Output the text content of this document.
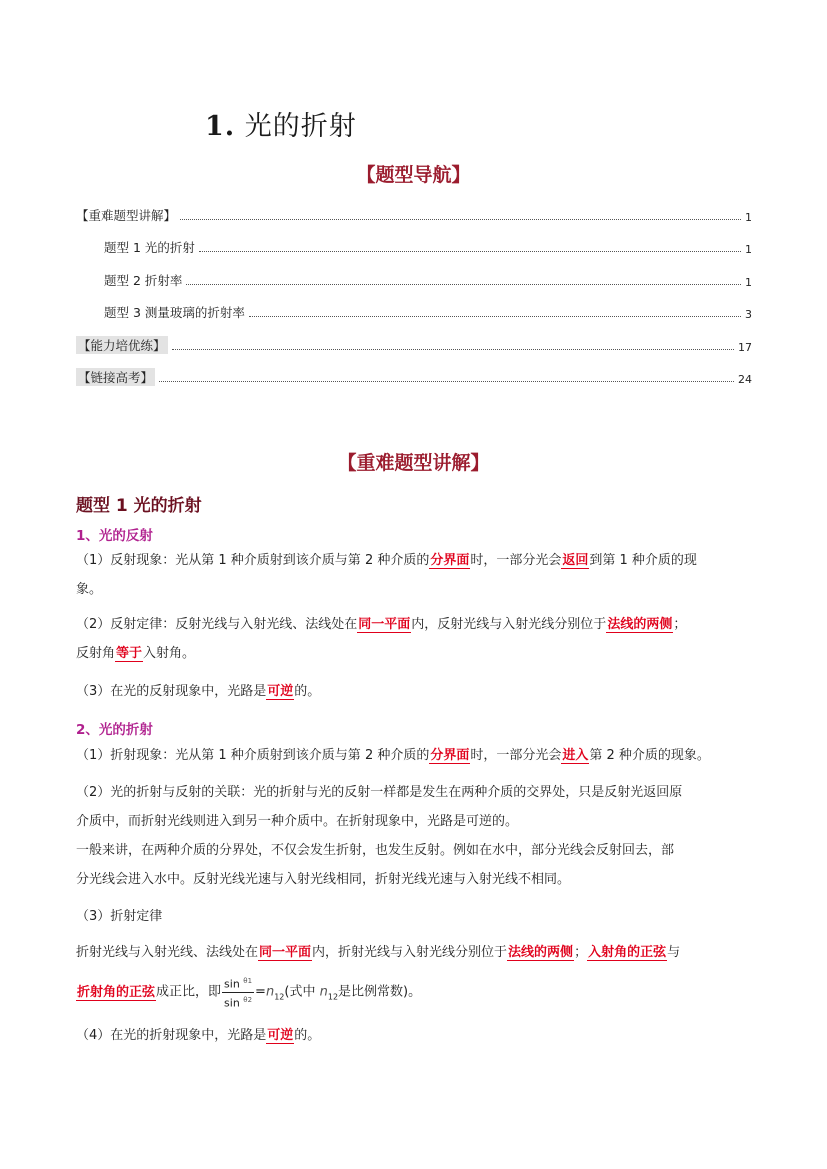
1. 光的折射
【题型导航】
【重难题型讲解】	1
题型 1 光的折射	1
题型 2 折射率	1
题型 3 测量玻璃的折射率	3
【能力培优练】	17
【链接高考】	24
【重难题型讲解】
题型 1 光的折射
1、光的反射
（1）反射现象：光从第 1 种介质射到该介质与第 2 种介质的分界面时，一部分光会返回到第 1 种介质的现
象。
（2）反射定律：反射光线与入射光线、法线处在同一平面内，反射光线与入射光线分别位于法线的两侧；
反射角等于入射角。
（3）在光的反射现象中，光路是可逆的。
2、光的折射
（1）折射现象：光从第 1 种介质射到该介质与第 2 种介质的分界面时，一部分光会进入第 2 种介质的现象。
（2）光的折射与反射的关联：光的折射与光的反射一样都是发生在两种介质的交界处，只是反射光返回原
介质中，而折射光线则进入到另一种介质中。在折射现象中，光路是可逆的。
一般来讲，在两种介质的分界处，不仅会发生折射，也发生反射。例如在水中，部分光线会反射回去，部
分光线会进入水中。反射光线光速与入射光线相同，折射光线光速与入射光线不相同。
（3）折射定律
折射光线与入射光线、法线处在同一平面内，折射光线与入射光线分别位于法线的两侧；入射角的正弦与
折射角的正弦成正比，即 $\frac{\sin ^{\theta 1}}{\sin ^{\theta 2}} =n_{12}$(式中 $n_{12}$是比例常数)。
（4）在光的折射现象中，光路是可逆的。
